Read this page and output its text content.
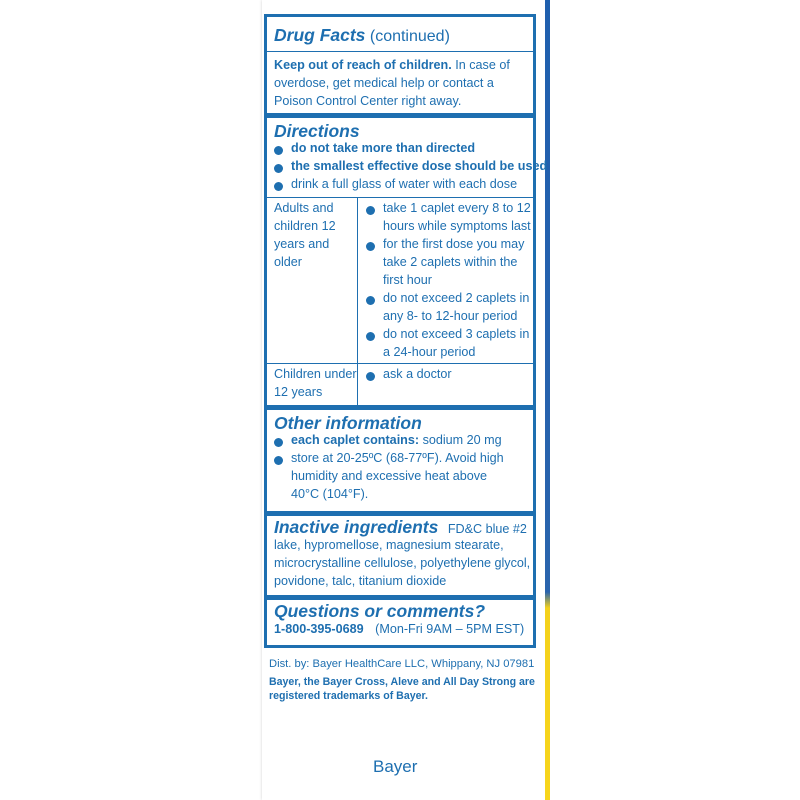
Drug Facts (continued)
Keep out of reach of children. In case of
overdose, get medical help or contact a
Poison Control Center right away.
Directions
do not take more than directed
the smallest effective dose should be used
drink a full glass of water with each dose
Adults and
children 12
years and
older
take 1 caplet every 8 to 12
hours while symptoms last
for the first dose you may
take 2 caplets within the
first hour
do not exceed 2 caplets in
any 8- to 12-hour period
do not exceed 3 caplets in
a 24-hour period
Children under
12 years
ask a doctor
Other information
each caplet contains: sodium 20 mg
store at 20-25ºC (68-77ºF). Avoid high
humidity and excessive heat above
40°C (104°F).
Inactive ingredients FD&C blue #2
lake, hypromellose, magnesium stearate,
microcrystalline cellulose, polyethylene glycol,
povidone, talc, titanium dioxide
Questions or comments?
1-800-395-0689 (Mon-Fri 9AM – 5PM EST)
Dist. by: Bayer HealthCare LLC, Whippany, NJ 07981
Bayer, the Bayer Cross, Aleve and All Day Strong are
registered trademarks of Bayer.
Bayer
